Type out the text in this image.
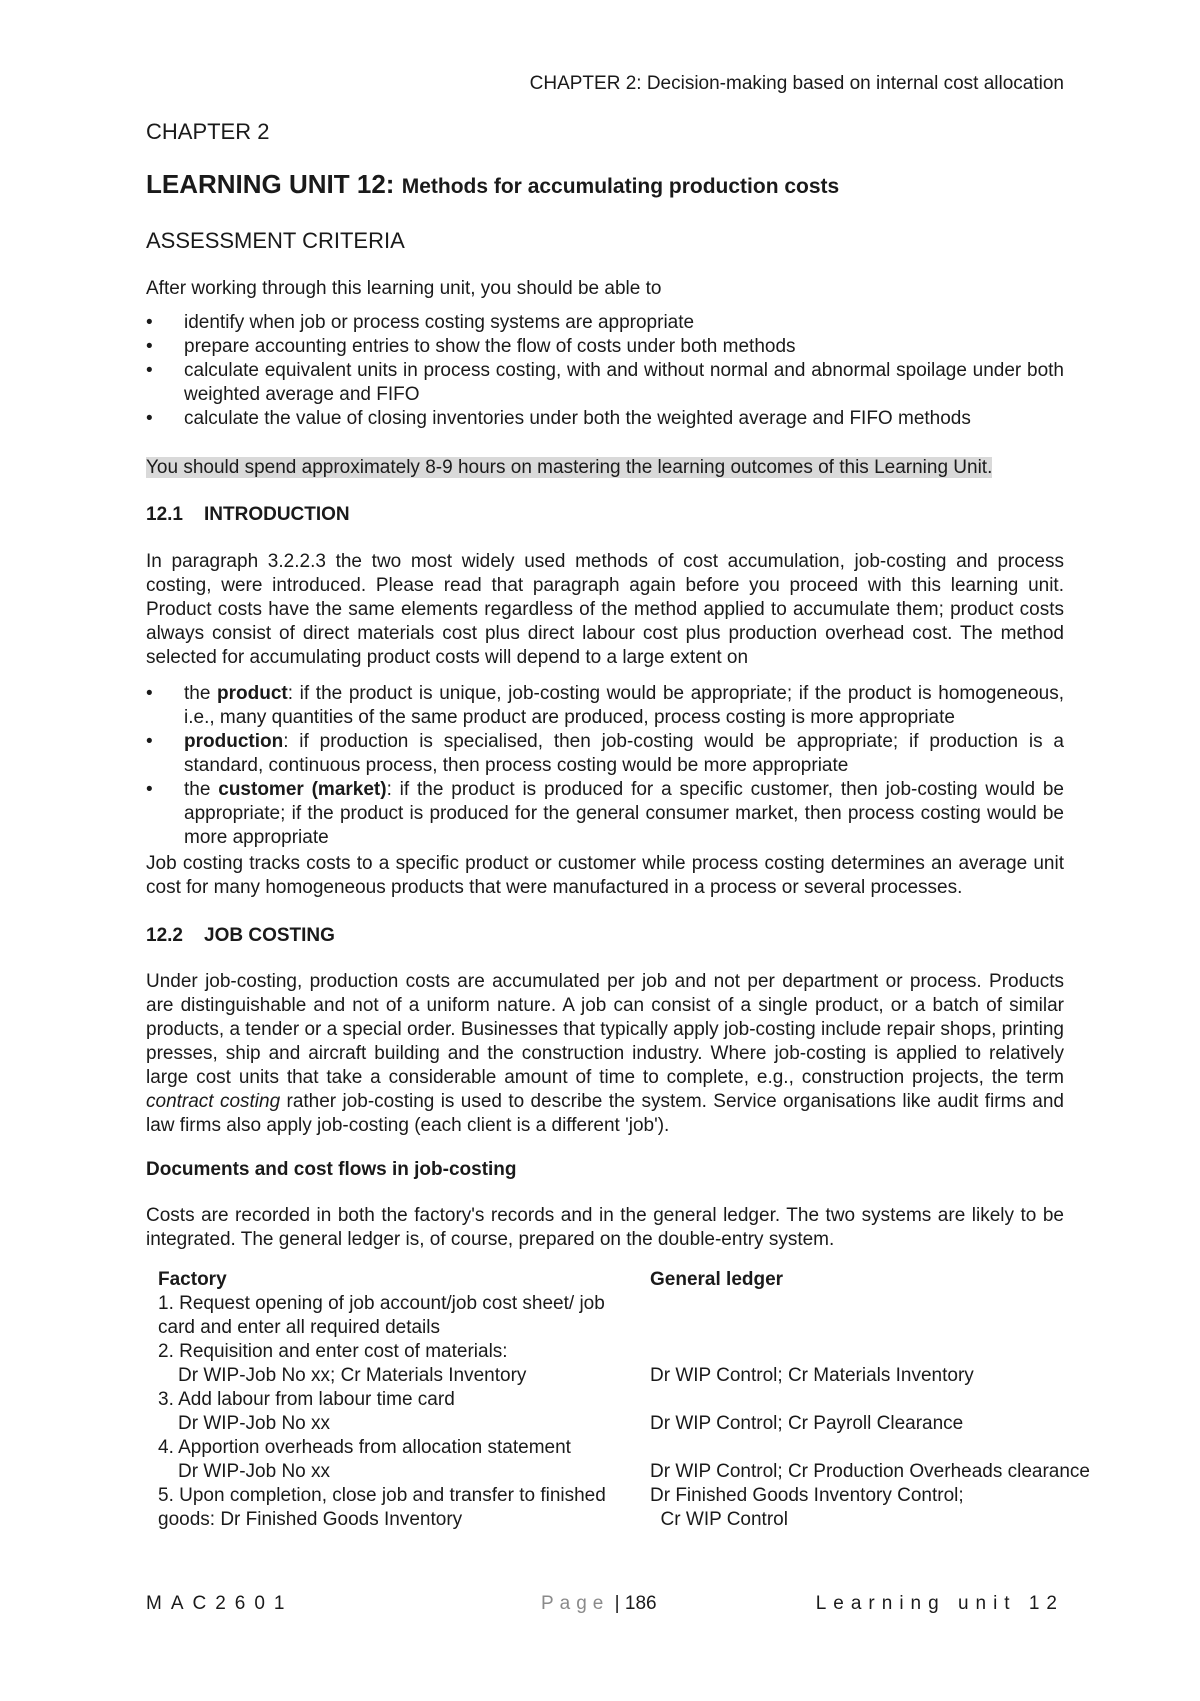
CHAPTER 2: Decision-making based on internal cost allocation
CHAPTER 2
LEARNING UNIT 12: Methods for accumulating production costs
ASSESSMENT CRITERIA
After working through this learning unit, you should be able to
• identify when job or process costing systems are appropriate
• prepare accounting entries to show the flow of costs under both methods
• calculate equivalent units in process costing, with and without normal and abnormal spoilage under both weighted average and FIFO
• calculate the value of closing inventories under both the weighted average and FIFO methods
You should spend approximately 8-9 hours on mastering the learning outcomes of this Learning Unit.
12.1 INTRODUCTION
In paragraph 3.2.2.3 the two most widely used methods of cost accumulation, job-costing and process costing, were introduced. Please read that paragraph again before you proceed with this learning unit. Product costs have the same elements regardless of the method applied to accumulate them; product costs always consist of direct materials cost plus direct labour cost plus production overhead cost. The method selected for accumulating product costs will depend to a large extent on
• the product: if the product is unique, job-costing would be appropriate; if the product is homogeneous, i.e., many quantities of the same product are produced, process costing is more appropriate
• production: if production is specialised, then job-costing would be appropriate; if production is a standard, continuous process, then process costing would be more appropriate
• the customer (market): if the product is produced for a specific customer, then job-costing would be appropriate; if the product is produced for the general consumer market, then process costing would be more appropriate
Job costing tracks costs to a specific product or customer while process costing determines an average unit cost for many homogeneous products that were manufactured in a process or several processes.
12.2 JOB COSTING
Under job-costing, production costs are accumulated per job and not per department or process. Products are distinguishable and not of a uniform nature. A job can consist of a single product, or a batch of similar products, a tender or a special order. Businesses that typically apply job-costing include repair shops, printing presses, ship and aircraft building and the construction industry. Where job-costing is applied to relatively large cost units that take a considerable amount of time to complete, e.g., construction projects, the term contract costing rather job-costing is used to describe the system. Service organisations like audit firms and law firms also apply job-costing (each client is a different 'job').
Documents and cost flows in job-costing
Costs are recorded in both the factory's records and in the general ledger. The two systems are likely to be integrated. The general ledger is, of course, prepared on the double-entry system.
Factory	General ledger
1. Request opening of job account/job cost sheet/ job
card and enter all required details
2. Requisition and enter cost of materials:
Dr WIP-Job No xx; Cr Materials Inventory	Dr WIP Control; Cr Materials Inventory
3. Add labour from labour time card
Dr WIP-Job No xx	Dr WIP Control; Cr Payroll Clearance
4. Apportion overheads from allocation statement
Dr WIP-Job No xx	Dr WIP Control; Cr Production Overheads clearance
5. Upon completion, close job and transfer to finished	Dr Finished Goods Inventory Control;
goods: Dr Finished Goods Inventory	Cr WIP Control
MAC2601	Page | 186	Learning unit 12
